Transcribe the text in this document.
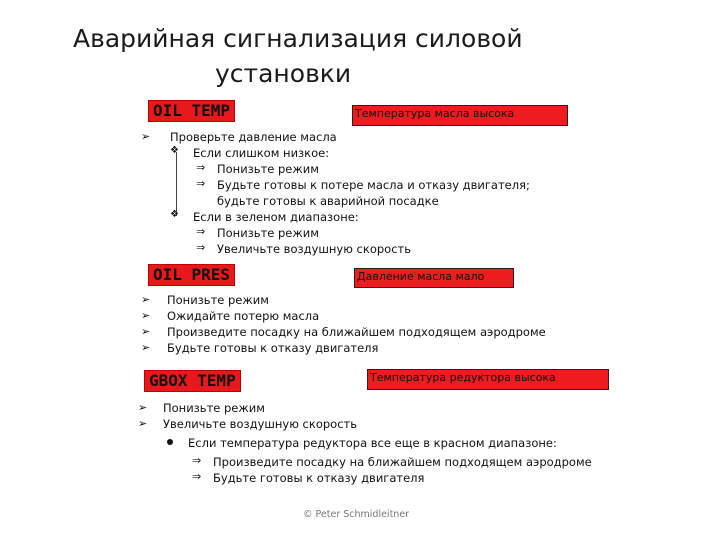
Аварийная сигнализация силовой
установки
OIL TEMP	Температура масла высока
➢ Проверьте давление масла
❖ Если слишком низкое:
⇒ Понизьте режим
⇒ Будьте готовы к потере масла и отказу двигателя;
будьте готовы к аварийной посадке
❖ Если в зеленом диапазоне:
⇒ Понизьте режим
⇒ Увеличьте воздушную скорость
OIL PRES	Давление масла мало
➢ Понизьте режим
➢ Ожидайте потерю масла
➢ Произведите посадку на ближайшем подходящем аэродроме
➢ Будьте готовы к отказу двигателя
GBOX TEMP	Температура редуктора высока
➢ Понизьте режим
➢ Увеличьте воздушную скорость
Если температура редуктора все еще в красном диапазоне:
⇒ Произведите посадку на ближайшем подходящем аэродроме
⇒ Будьте готовы к отказу двигателя
© Peter Schmidleitner
